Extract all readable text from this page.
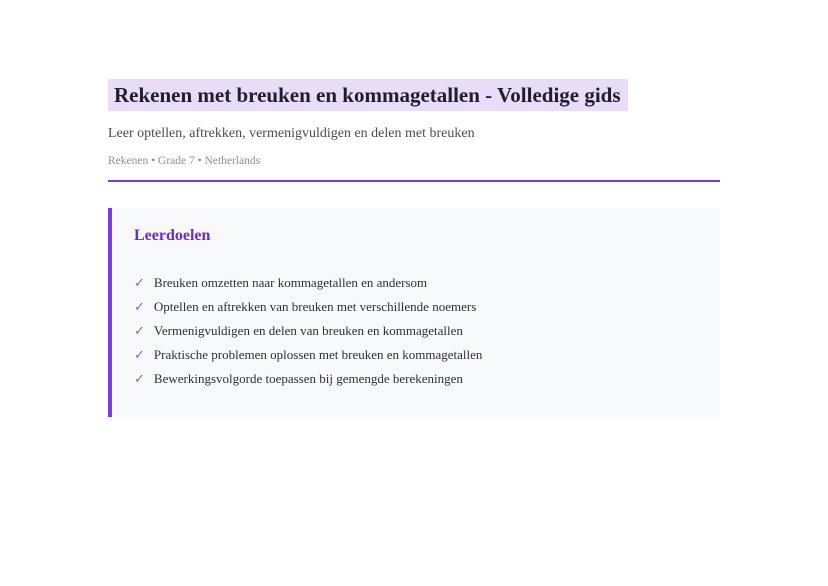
Rekenen met breuken en kommagetallen - Volledige gids

Leer optellen, aftrekken, vermenigvuldigen en delen met breuken

Rekenen • Grade 7 • Netherlands

Leerdoelen
✓ Breuken omzetten naar kommagetallen en andersom
✓ Optellen en aftrekken van breuken met verschillende noemers
✓ Vermenigvuldigen en delen van breuken en kommagetallen
✓ Praktische problemen oplossen met breuken en kommagetallen
✓ Bewerkingsvolgorde toepassen bij gemengde berekeningen
